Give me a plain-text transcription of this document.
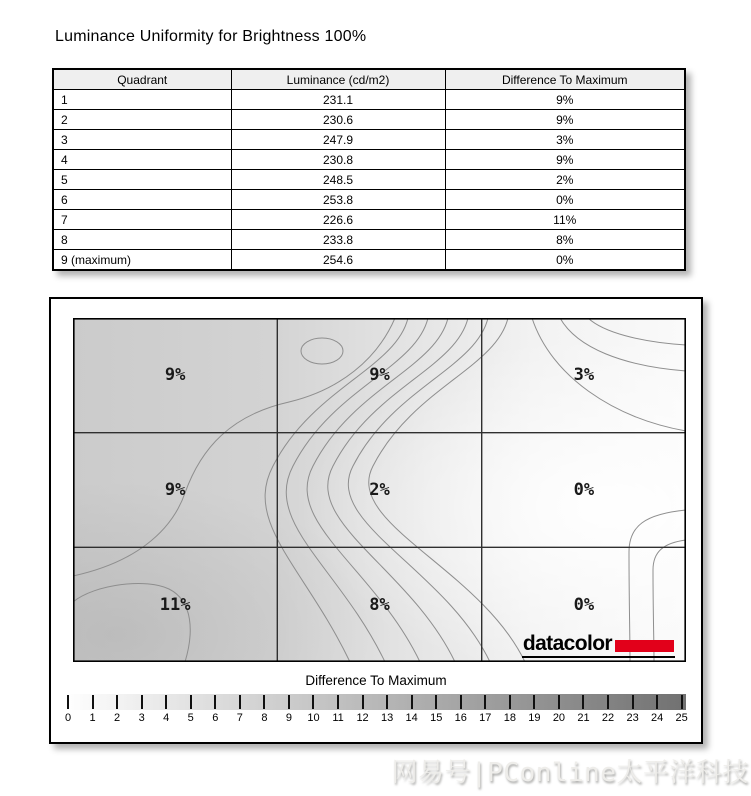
Luminance Uniformity for Brightness 100%
Quadrant	Luminance (cd/m2)	Difference To Maximum
1	231.1	9%
2	230.6	9%
3	247.9	3%
4	230.8	9%
5	248.5	2%
6	253.8	0%
7	226.6	11%
8	233.8	8%
9 (maximum)	254.6	0%
9%	9%	3%
9%	2%	0%
11%	8%	0%
datacolor
Difference To Maximum
0 1 2 3 4 5 6 7 8 9 10 11 12 13 14 15 16 17 18 19 20 21 22 23 24 25
网易号|PConline太平洋科技
